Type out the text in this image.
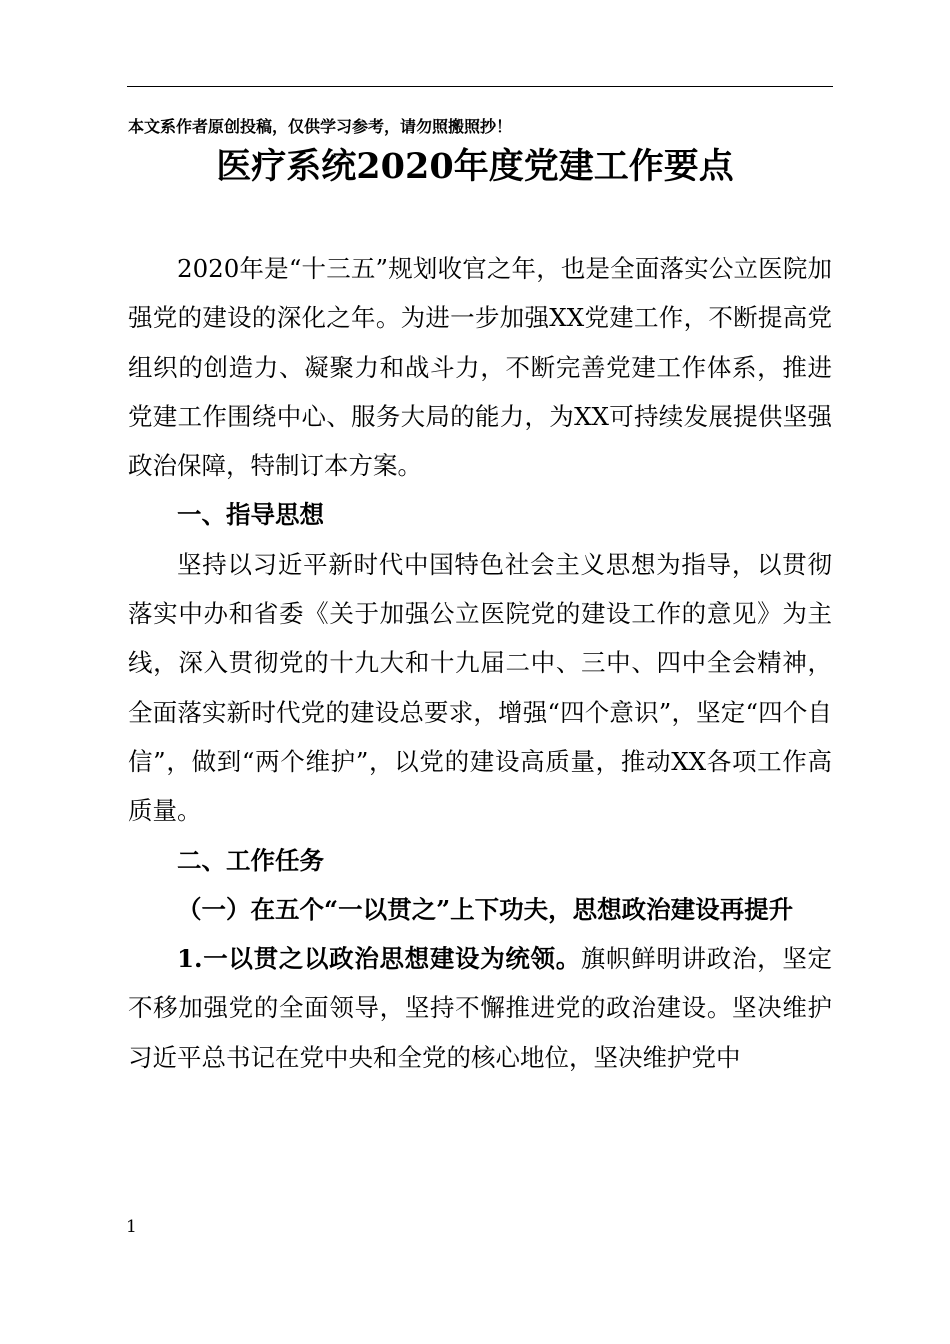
本文系作者原创投稿，仅供学习参考，请勿照搬照抄！
医疗系统2020年度党建工作要点

2020年是“十三五”规划收官之年，也是全面落实公立医院加强党的建设的深化之年。为进一步加强XX党建工作，不断提高党组织的创造力、凝聚力和战斗力，不断完善党建工作体系，推进党建工作围绕中心、服务大局的能力，为XX可持续发展提供坚强政治保障，特制订本方案。

一、指导思想

坚持以习近平新时代中国特色社会主义思想为指导，以贯彻落实中办和省委《关于加强公立医院党的建设工作的意见》为主线，深入贯彻党的十九大和十九届二中、三中、四中全会精神，全面落实新时代党的建设总要求，增强“四个意识”，坚定“四个自信”，做到“两个维护”，以党的建设高质量，推动XX各项工作高质量。

二、工作任务

（一）在五个“一以贯之”上下功夫，思想政治建设再提升

1.一以贯之以政治思想建设为统领。旗帜鲜明讲政治，坚定不移加强党的全面领导，坚持不懈推进党的政治建设。坚决维护习近平总书记在党中央和全党的核心地位，坚决维护党中

1
